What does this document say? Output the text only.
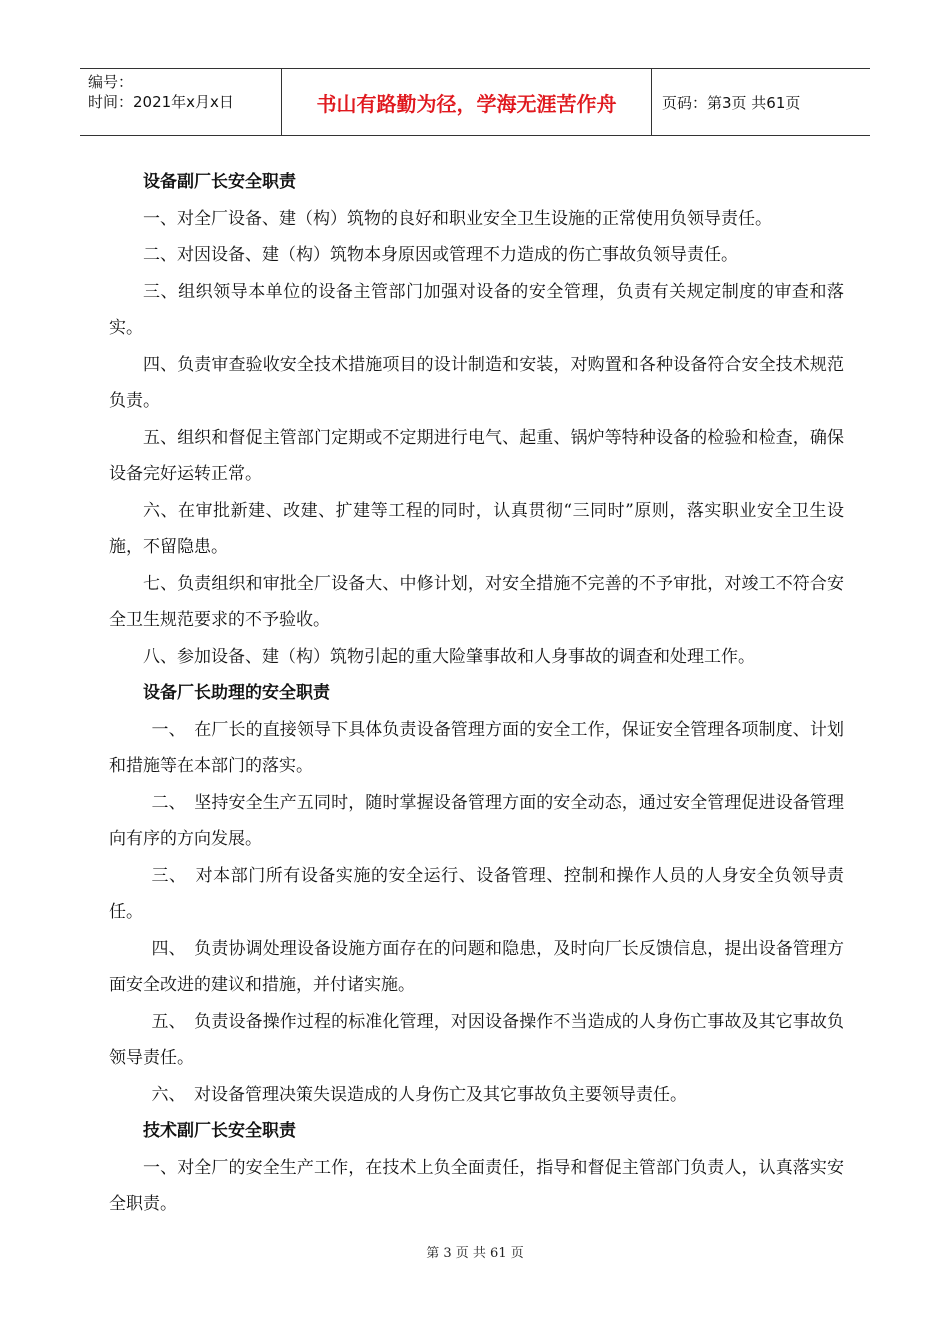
编号：
时间：2021年x月x日	书山有路勤为径，学海无涯苦作舟	页码：第3页 共61页

设备副厂长安全职责

一、对全厂设备、建（构）筑物的良好和职业安全卫生设施的正常使用负领导责任。

二、对因设备、建（构）筑物本身原因或管理不力造成的伤亡事故负领导责任。

三、组织领导本单位的设备主管部门加强对设备的安全管理，负责有关规定制度的审查和落实。

四、负责审查验收安全技术措施项目的设计制造和安装，对购置和各种设备符合安全技术规范负责。

五、组织和督促主管部门定期或不定期进行电气、起重、锅炉等特种设备的检验和检查，确保设备完好运转正常。

六、在审批新建、改建、扩建等工程的同时，认真贯彻“三同时”原则，落实职业安全卫生设施，不留隐患。

七、负责组织和审批全厂设备大、中修计划，对安全措施不完善的不予审批，对竣工不符合安全卫生规范要求的不予验收。

八、参加设备、建（构）筑物引起的重大险肇事故和人身事故的调查和处理工作。

设备厂长助理的安全职责

一、　在厂长的直接领导下具体负责设备管理方面的安全工作，保证安全管理各项制度、计划和措施等在本部门的落实。

二、　坚持安全生产五同时，随时掌握设备管理方面的安全动态，通过安全管理促进设备管理向有序的方向发展。

三、　对本部门所有设备实施的安全运行、设备管理、控制和操作人员的人身安全负领导责任。

四、　负责协调处理设备设施方面存在的问题和隐患，及时向厂长反馈信息，提出设备管理方面安全改进的建议和措施，并付诸实施。

五、　负责设备操作过程的标准化管理，对因设备操作不当造成的人身伤亡事故及其它事故负领导责任。

六、　对设备管理决策失误造成的人身伤亡及其它事故负主要领导责任。

技术副厂长安全职责

一、对全厂的安全生产工作，在技术上负全面责任，指导和督促主管部门负责人，认真落实安全职责。

第 3 页 共 61 页
